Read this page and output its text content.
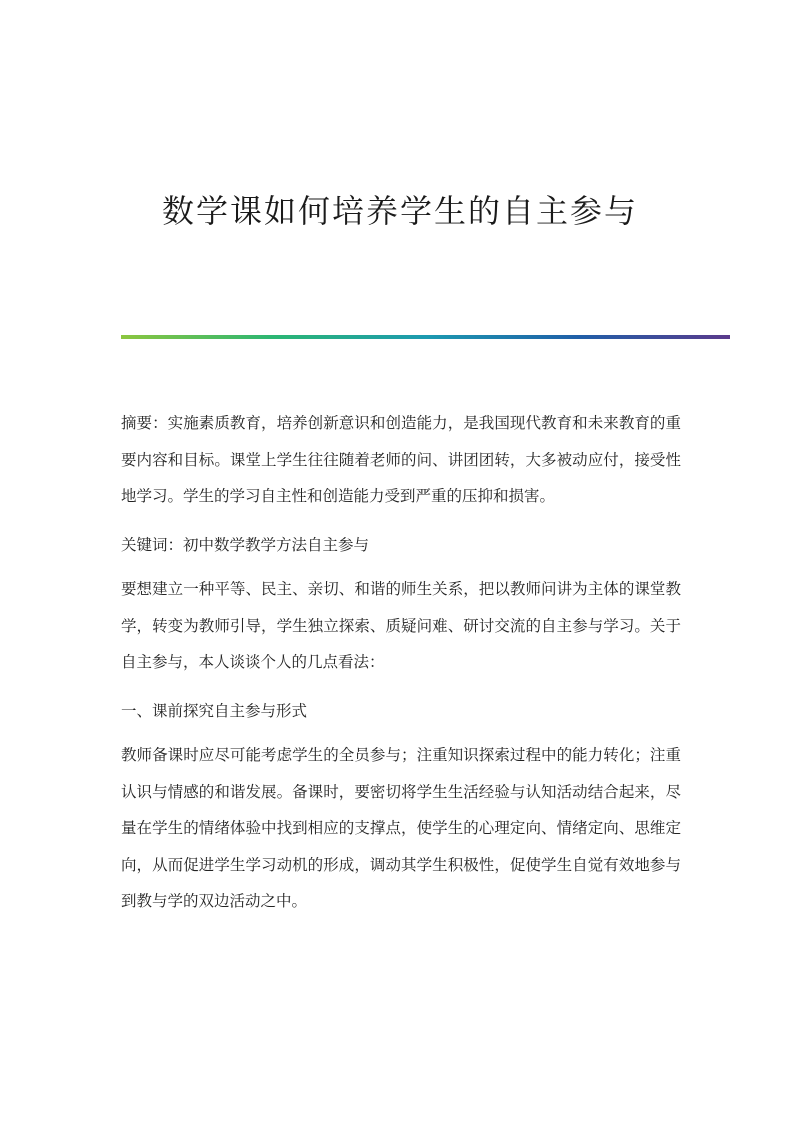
数学课如何培养学生的自主参与

摘要：实施素质教育，培养创新意识和创造能力，是我国现代教育和未来教育的重要内容和目标。课堂上学生往往随着老师的问、讲团团转，大多被动应付，接受性地学习。学生的学习自主性和创造能力受到严重的压抑和损害。

关键词：初中数学教学方法自主参与

要想建立一种平等、民主、亲切、和谐的师生关系，把以教师问讲为主体的课堂教学，转变为教师引导，学生独立探索、质疑问难、研讨交流的自主参与学习。关于自主参与，本人谈谈个人的几点看法：

一、课前探究自主参与形式

教师备课时应尽可能考虑学生的全员参与；注重知识探索过程中的能力转化；注重认识与情感的和谐发展。备课时，要密切将学生生活经验与认知活动结合起来，尽量在学生的情绪体验中找到相应的支撑点，使学生的心理定向、情绪定向、思维定向，从而促进学生学习动机的形成，调动其学生积极性，促使学生自觉有效地参与到教与学的双边活动之中。
